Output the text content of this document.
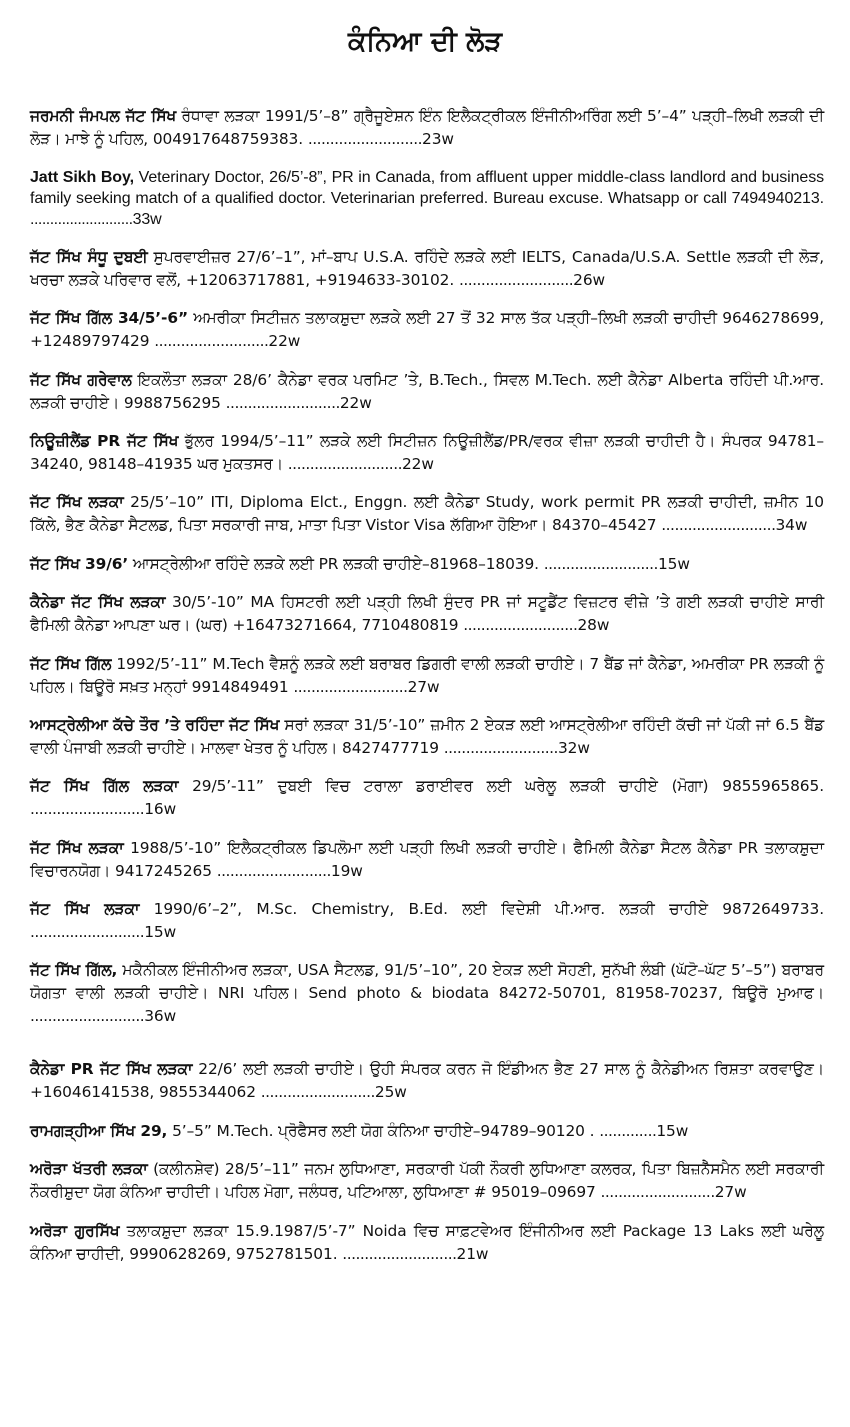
ਕੰਨਿਆ ਦੀ ਲੋੜ

ਜਰਮਨੀ ਜੰਮਪਲ ਜੱਟ ਸਿੱਖ ਰੰਧਾਵਾ ਲੜਕਾ 1991/5’–8” ਗ੍ਰੈਜੂਏਸ਼ਨ ਇੰਨ ਇਲੈਕਟ੍ਰੀਕਲ ਇੰਜੀਨੀਅਰਿੰਗ ਲਈ 5’–4” ਪੜ੍ਹੀ–ਲਿਖੀ ਲੜਕੀ ਦੀ ਲੋੜ। ਮਾਝੇ ਨੂੰ ਪਹਿਲ, 004917648759383. ..........................23w

Jatt Sikh Boy, Veterinary Doctor, 26/5’-8”, PR in Canada, from affluent upper middle-class landlord and business family seeking match of a qualified doctor. Veterinarian preferred. Bureau excuse. Whatsapp or call 7494940213. ..........................33w

ਜੱਟ ਸਿੱਖ ਸੰਧੂ ਦੁਬਈ ਸੁਪਰਵਾਈਜ਼ਰ 27/6’–1”, ਮਾਂ–ਬਾਪ U.S.A. ਰਹਿੰਦੇ ਲੜਕੇ ਲਈ IELTS, Canada/U.S.A. Settle ਲੜਕੀ ਦੀ ਲੋੜ, ਖਰਚਾ ਲੜਕੇ ਪਰਿਵਾਰ ਵਲੋਂ, +12063717881, +9194633-30102. ..........................26w

ਜੱਟ ਸਿੱਖ ਗਿੱਲ 34/5’-6” ਅਮਰੀਕਾ ਸਿਟੀਜ਼ਨ ਤਲਾਕਸ਼ੁਦਾ ਲੜਕੇ ਲਈ 27 ਤੋਂ 32 ਸਾਲ ਤੱਕ ਪੜ੍ਹੀ–ਲਿਖੀ ਲੜਕੀ ਚਾਹੀਦੀ 9646278699, +12489797429 ..........................22w

ਜੱਟ ਸਿੱਖ ਗਰੇਵਾਲ ਇਕਲੌਤਾ ਲੜਕਾ 28/6’ ਕੈਨੇਡਾ ਵਰਕ ਪਰਮਿਟ ’ਤੇ, B.Tech., ਸਿਵਲ M.Tech. ਲਈ ਕੈਨੇਡਾ Alberta ਰਹਿੰਦੀ ਪੀ.ਆਰ. ਲੜਕੀ ਚਾਹੀਏ। 9988756295 ..........................22w

ਨਿਊਜ਼ੀਲੈਂਡ PR ਜੱਟ ਸਿੱਖ ਭੁੱਲਰ 1994/5’–11” ਲੜਕੇ ਲਈ ਸਿਟੀਜ਼ਨ ਨਿਊਜ਼ੀਲੈਂਡ/PR/ਵਰਕ ਵੀਜ਼ਾ ਲੜਕੀ ਚਾਹੀਦੀ ਹੈ। ਸੰਪਰਕ 94781–34240, 98148–41935 ਘਰ ਮੁਕਤਸਰ। ..........................22w

ਜੱਟ ਸਿੱਖ ਲੜਕਾ 25/5’–10” ITI, Diploma Elct., Enggn. ਲਈ ਕੈਨੇਡਾ Study, work permit PR ਲੜਕੀ ਚਾਹੀਦੀ, ਜ਼ਮੀਨ 10 ਕਿੱਲੇ, ਭੈਣ ਕੈਨੇਡਾ ਸੈਟਲਡ, ਪਿਤਾ ਸਰਕਾਰੀ ਜਾਬ, ਮਾਤਾ ਪਿਤਾ Vistor Visa ਲੱਗਿਆ ਹੋਇਆ। 84370–45427 ..........................34w

ਜੱਟ ਸਿੱਖ 39/6’ ਆਸਟ੍ਰੇਲੀਆ ਰਹਿੰਦੇ ਲੜਕੇ ਲਈ PR ਲੜਕੀ ਚਾਹੀਏ–81968–18039. ..........................15w

ਕੈਨੇਡਾ ਜੱਟ ਸਿੱਖ ਲੜਕਾ 30/5’-10” MA ਹਿਸਟਰੀ ਲਈ ਪੜ੍ਹੀ ਲਿਖੀ ਸੁੰਦਰ PR ਜਾਂ ਸਟੂਡੈਂਟ ਵਿਜ਼ਟਰ ਵੀਜ਼ੇ ’ਤੇ ਗਈ ਲੜਕੀ ਚਾਹੀਏ ਸਾਰੀ ਫੈਮਿਲੀ ਕੈਨੇਡਾ ਆਪਣਾ ਘਰ। (ਘਰ) +16473271664, 7710480819 ..........................28w

ਜੱਟ ਸਿੱਖ ਗਿੱਲ 1992/5’-11” M.Tech ਵੈਸ਼ਨੂੰ ਲੜਕੇ ਲਈ ਬਰਾਬਰ ਡਿਗਰੀ ਵਾਲੀ ਲੜਕੀ ਚਾਹੀਏ। 7 ਬੈਂਡ ਜਾਂ ਕੈਨੇਡਾ, ਅਮਰੀਕਾ PR ਲੜਕੀ ਨੂੰ ਪਹਿਲ। ਬਿਊਰੋ ਸਖ਼ਤ ਮਨ੍ਹਾਂ 9914849491 ..........................27w

ਆਸਟ੍ਰੇਲੀਆ ਕੱਚੇ ਤੌਰ ’ਤੇ ਰਹਿੰਦਾ ਜੱਟ ਸਿੱਖ ਸਰਾਂ ਲੜਕਾ 31/5’-10” ਜ਼ਮੀਨ 2 ਏਕੜ ਲਈ ਆਸਟ੍ਰੇਲੀਆ ਰਹਿੰਦੀ ਕੱਚੀ ਜਾਂ ਪੱਕੀ ਜਾਂ 6.5 ਬੈਂਡ ਵਾਲੀ ਪੰਜਾਬੀ ਲੜਕੀ ਚਾਹੀਏ। ਮਾਲਵਾ ਖੇਤਰ ਨੂੰ ਪਹਿਲ। 8427477719 ..........................32w

ਜੱਟ ਸਿੱਖ ਗਿੱਲ ਲੜਕਾ 29/5’-11” ਦੁਬਈ ਵਿਚ ਟਰਾਲਾ ਡਰਾਈਵਰ ਲਈ ਘਰੇਲੂ ਲੜਕੀ ਚਾਹੀਏ (ਮੋਗਾ) 9855965865. ..........................16w

ਜੱਟ ਸਿੱਖ ਲੜਕਾ 1988/5’-10” ਇਲੈਕਟ੍ਰੀਕਲ ਡਿਪਲੋਮਾ ਲਈ ਪੜ੍ਹੀ ਲਿਖੀ ਲੜਕੀ ਚਾਹੀਏ। ਫੈਮਿਲੀ ਕੈਨੇਡਾ ਸੈਟਲ ਕੈਨੇਡਾ PR ਤਲਾਕਸ਼ੁਦਾ ਵਿਚਾਰਨਯੋਗ। 9417245265 ..........................19w

ਜੱਟ ਸਿੱਖ ਲੜਕਾ 1990/6’–2”, M.Sc. Chemistry, B.Ed. ਲਈ ਵਿਦੇਸ਼ੀ ਪੀ.ਆਰ. ਲੜਕੀ ਚਾਹੀਏ 9872649733. ..........................15w

ਜੱਟ ਸਿੱਖ ਗਿੱਲ, ਮਕੈਨੀਕਲ ਇੰਜੀਨੀਅਰ ਲੜਕਾ, USA ਸੈਟਲਡ, 91/5’–10”, 20 ਏਕੜ ਲਈ ਸੋਹਣੀ, ਸੁਨੱਖੀ ਲੰਬੀ (ਘੱਟੋ–ਘੱਟ 5’–5”) ਬਰਾਬਰ ਯੋਗਤਾ ਵਾਲੀ ਲੜਕੀ ਚਾਹੀਏ। NRI ਪਹਿਲ। Send photo & biodata 84272-50701, 81958-70237, ਬਿਊਰੋ ਮੁਆਫ। ..........................36w

ਕੈਨੇਡਾ PR ਜੱਟ ਸਿੱਖ ਲੜਕਾ 22/6’ ਲਈ ਲੜਕੀ ਚਾਹੀਏ। ਉਹੀ ਸੰਪਰਕ ਕਰਨ ਜੋ ਇੰਡੀਅਨ ਭੈਣ 27 ਸਾਲ ਨੂੰ ਕੈਨੇਡੀਅਨ ਰਿਸ਼ਤਾ ਕਰਵਾਉਣ। +16046141538, 9855344062 ..........................25w

ਰਾਮਗੜ੍ਹੀਆ ਸਿੱਖ 29, 5’–5” M.Tech. ਪ੍ਰੋਫੈਸਰ ਲਈ ਯੋਗ ਕੰਨਿਆ ਚਾਹੀਏ–94789–90120 . .............15w

ਅਰੋੜਾ ਖੱਤਰੀ ਲੜਕਾ (ਕਲੀਨਸ਼ੇਵ) 28/5’–11” ਜਨਮ ਲੁਧਿਆਣਾ, ਸਰਕਾਰੀ ਪੱਕੀ ਨੌਕਰੀ ਲੁਧਿਆਣਾ ਕਲਰਕ, ਪਿਤਾ ਬਿਜ਼ਨੈੱਸਮੈਨ ਲਈ ਸਰਕਾਰੀ ਨੌਕਰੀਸ਼ੁਦਾ ਯੋਗ ਕੰਨਿਆ ਚਾਹੀਦੀ। ਪਹਿਲ ਮੋਗਾ, ਜਲੰਧਰ, ਪਟਿਆਲਾ, ਲੁਧਿਆਣਾ # 95019–09697 ..........................27w

ਅਰੋੜਾ ਗੁਰਸਿੱਖ ਤਲਾਕਸ਼ੁਦਾ ਲੜਕਾ 15.9.1987/5’-7” Noida ਵਿਚ ਸਾਫ਼ਟਵੇਅਰ ਇੰਜੀਨੀਅਰ ਲਈ Package 13 Laks ਲਈ ਘਰੇਲੂ ਕੰਨਿਆ ਚਾਹੀਦੀ, 9990628269, 9752781501. ..........................21w
